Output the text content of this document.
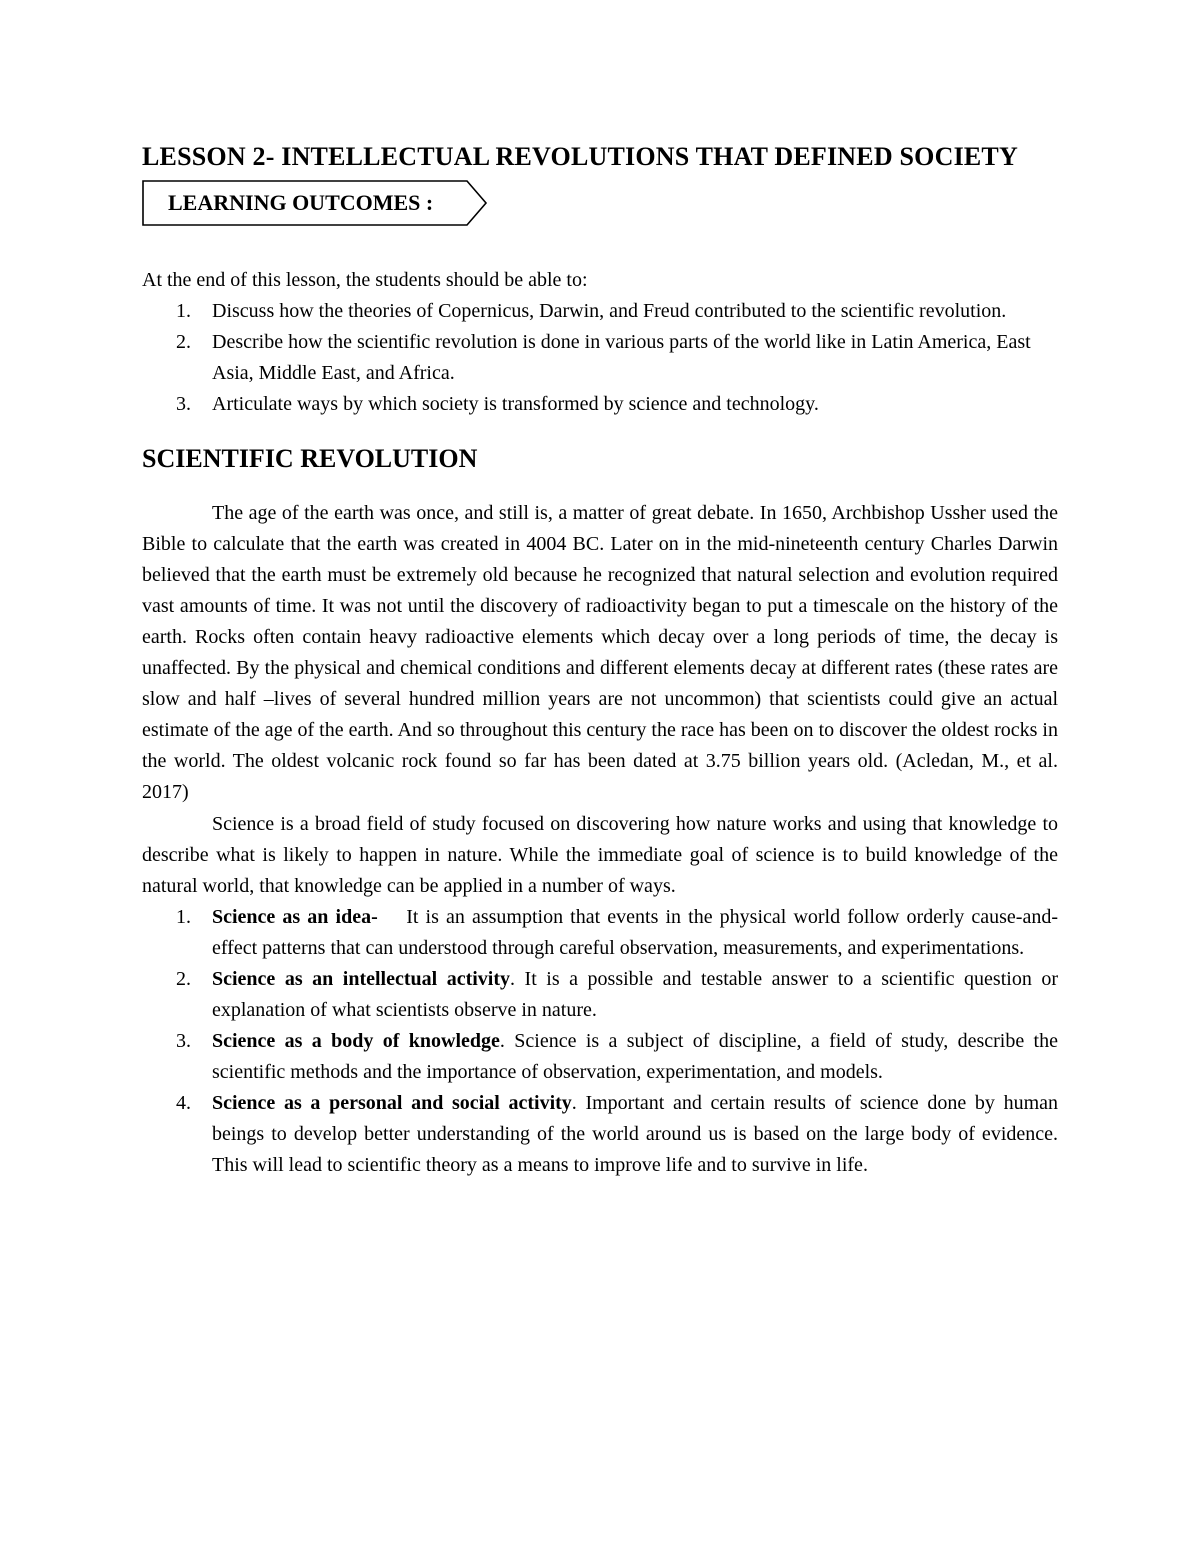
LESSON 2- INTELLECTUAL REVOLUTIONS THAT DEFINED SOCIETY
LEARNING OUTCOMES :
At the end of this lesson, the students should be able to:
1. Discuss how the theories of Copernicus, Darwin, and Freud contributed to the scientific revolution.
2. Describe how the scientific revolution is done in various parts of the world like in Latin America, East Asia, Middle East, and Africa.
3. Articulate ways by which society is transformed by science and technology.
SCIENTIFIC REVOLUTION

The age of the earth was once, and still is, a matter of great debate. In 1650, Archbishop Ussher used the Bible to calculate that the earth was created in 4004 BC. Later on in the mid-nineteenth century Charles Darwin believed that the earth must be extremely old because he recognized that natural selection and evolution required vast amounts of time. It was not until the discovery of radioactivity began to put a timescale on the history of the earth. Rocks often contain heavy radioactive elements which decay over a long periods of time, the decay is unaffected. By the physical and chemical conditions and different elements decay at different rates (these rates are slow and half –lives of several hundred million years are not uncommon) that scientists could give an actual estimate of the age of the earth. And so throughout this century the race has been on to discover the oldest rocks in the world. The oldest volcanic rock found so far has been dated at 3.75 billion years old. (Acledan, M., et al. 2017)

Science is a broad field of study focused on discovering how nature works and using that knowledge to describe what is likely to happen in nature. While the immediate goal of science is to build knowledge of the natural world, that knowledge can be applied in a number of ways.

1. Science as an idea-    It is an assumption that events in the physical world follow orderly cause-and-effect patterns that can understood through careful observation, measurements, and experimentations.
2. Science as an intellectual activity. It is a possible and testable answer to a scientific question or explanation of what scientists observe in nature.
3. Science as a body of knowledge. Science is a subject of discipline, a field of study, describe the scientific methods and the importance of observation, experimentation, and models.
4. Science as a personal and social activity. Important and certain results of science done by human beings to develop better understanding of the world around us is based on the large body of evidence. This will lead to scientific theory as a means to improve life and to survive in life.
